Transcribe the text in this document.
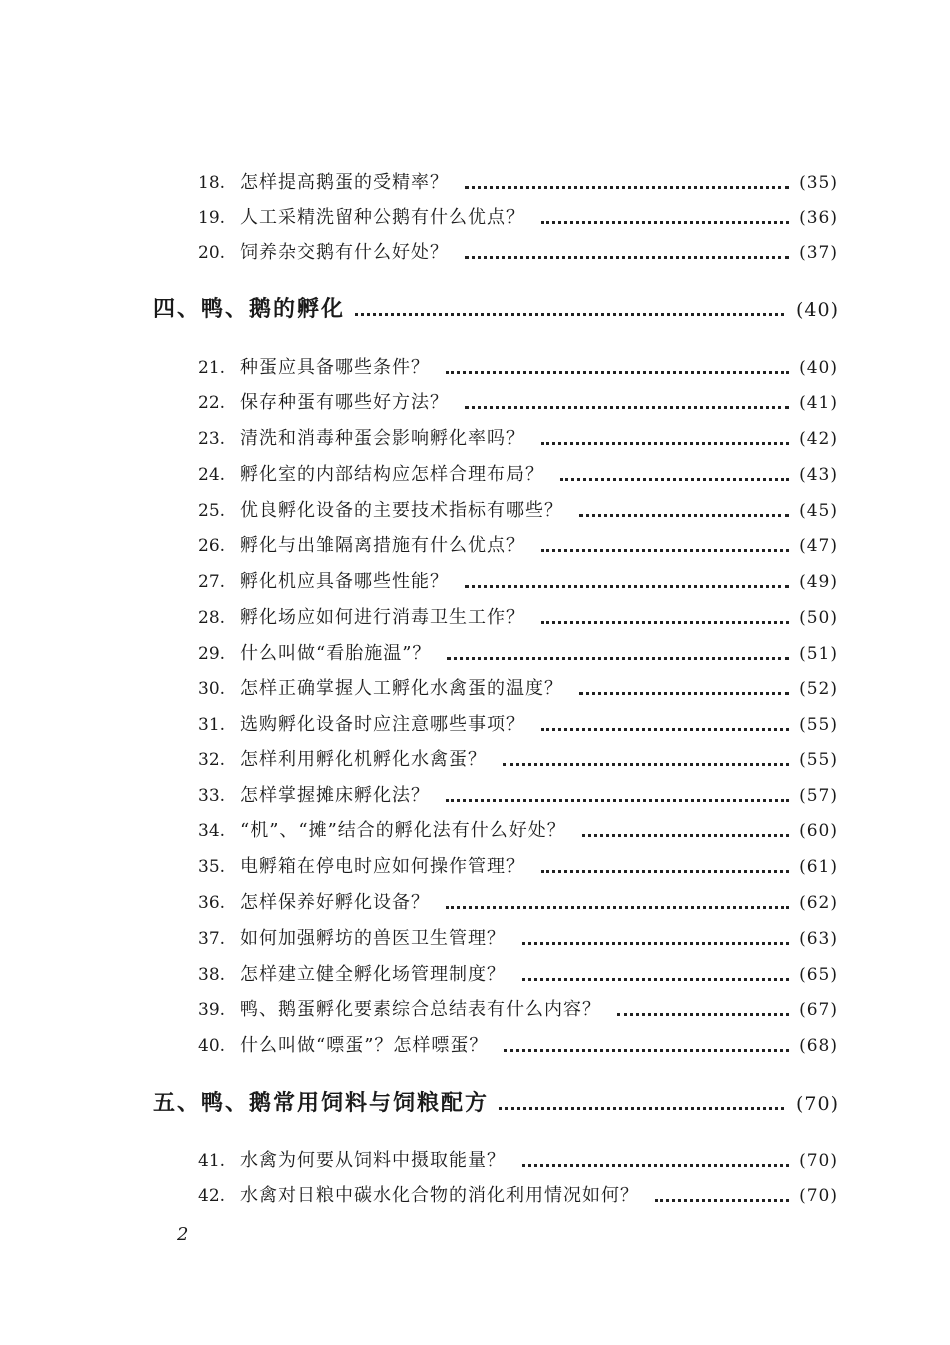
18. 怎样提高鹅蛋的受精率？	(35)
19. 人工采精洗留种公鹅有什么优点？	(36)
20. 饲养杂交鹅有什么好处？	(37)
四、鸭、鹅的孵化	(40)
21. 种蛋应具备哪些条件？	(40)
22. 保存种蛋有哪些好方法？	(41)
23. 清洗和消毒种蛋会影响孵化率吗？	(42)
24. 孵化室的内部结构应怎样合理布局？	(43)
25. 优良孵化设备的主要技术指标有哪些？	(45)
26. 孵化与出雏隔离措施有什么优点？	(47)
27. 孵化机应具备哪些性能？	(49)
28. 孵化场应如何进行消毒卫生工作？	(50)
29. 什么叫做“看胎施温”？	(51)
30. 怎样正确掌握人工孵化水禽蛋的温度？	(52)
31. 选购孵化设备时应注意哪些事项？	(55)
32. 怎样利用孵化机孵化水禽蛋？	(55)
33. 怎样掌握摊床孵化法？	(57)
34. “机”、“摊”结合的孵化法有什么好处？	(60)
35. 电孵箱在停电时应如何操作管理？	(61)
36. 怎样保养好孵化设备？	(62)
37. 如何加强孵坊的兽医卫生管理？	(63)
38. 怎样建立健全孵化场管理制度？	(65)
39. 鸭、鹅蛋孵化要素综合总结表有什么内容？	(67)
40. 什么叫做“嘌蛋”？怎样嘌蛋？	(68)
五、鸭、鹅常用饲料与饲粮配方	(70)
41. 水禽为何要从饲料中摄取能量？	(70)
42. 水禽对日粮中碳水化合物的消化利用情况如何？	(70)
2
